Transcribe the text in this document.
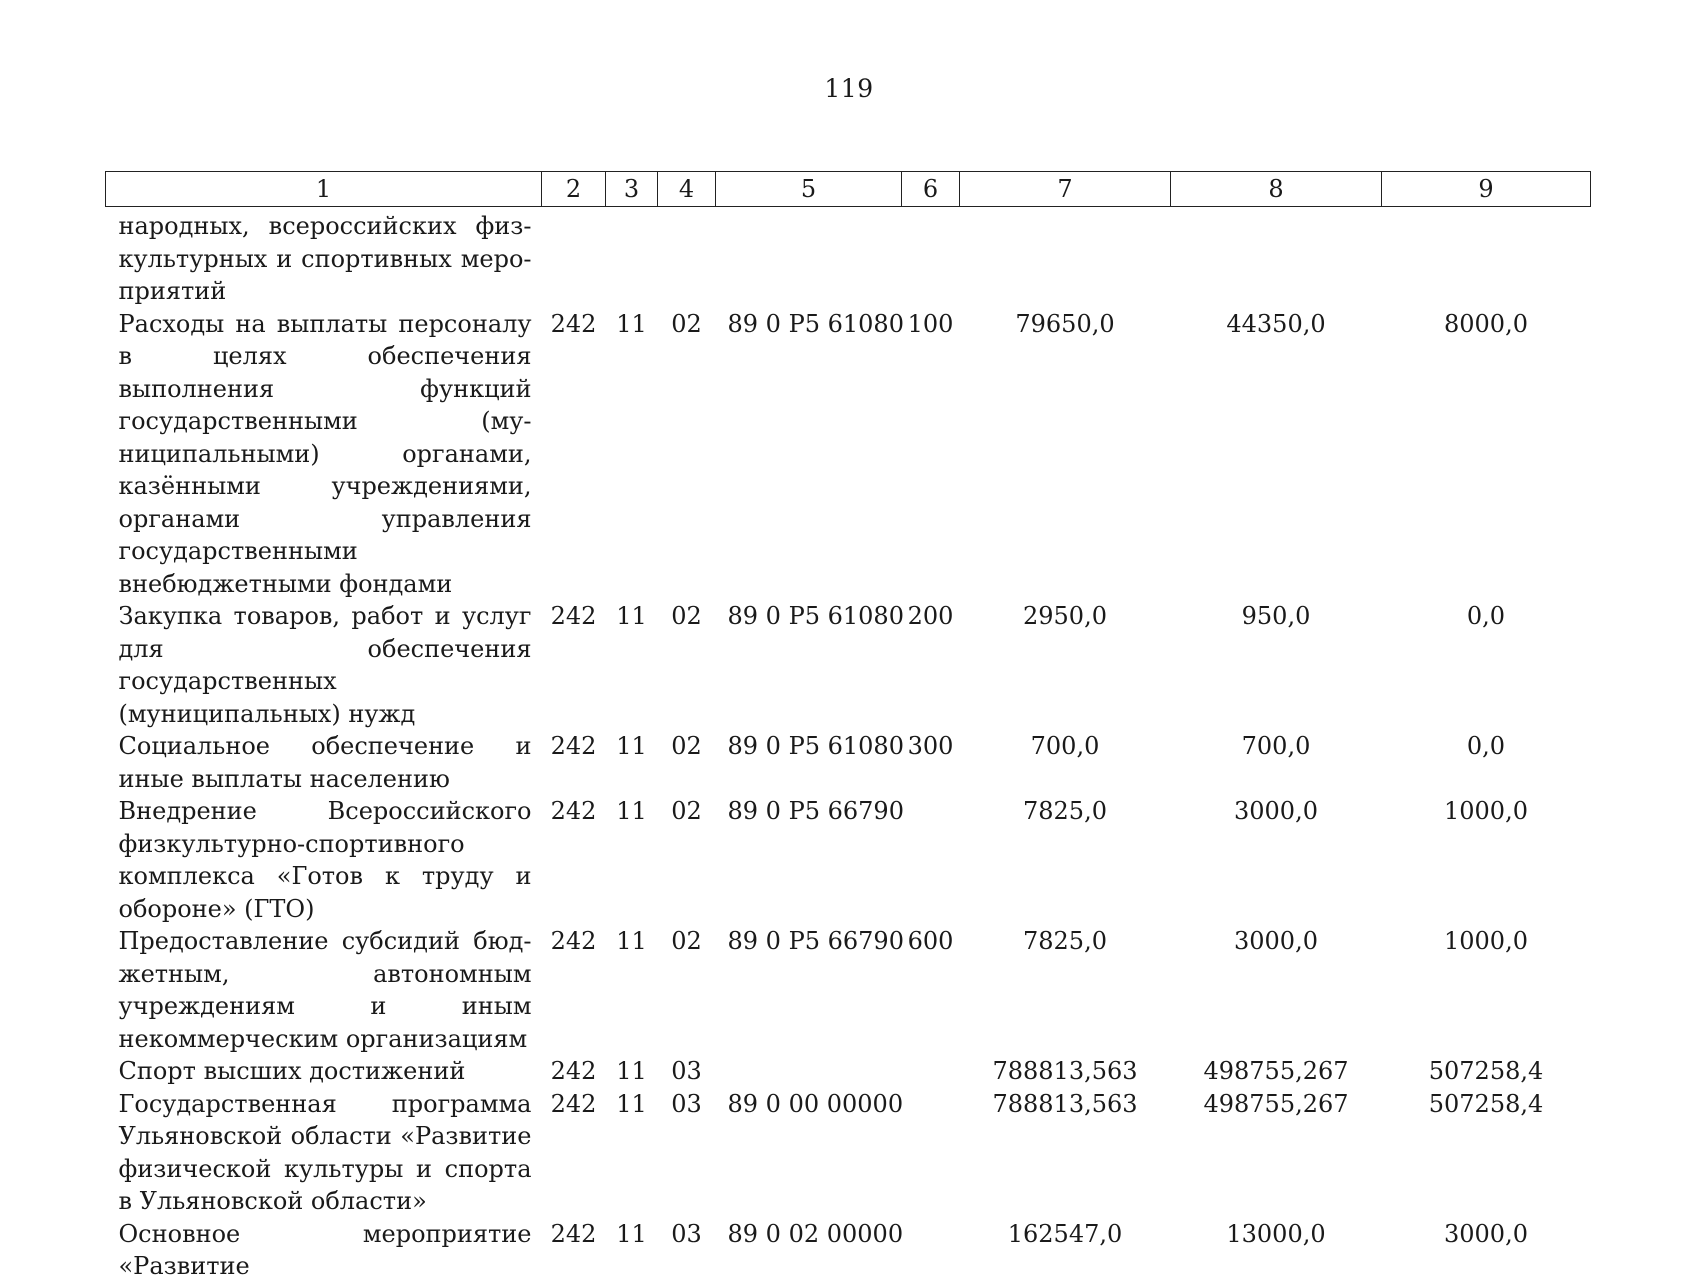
119
1	2	3	4	5	6	7	8	9
народных, всероссийских физкультурных и спортивных мероприятий								
Расходы на выплаты персоналу в целях обеспечения выполнения функций государственными (муниципальными) органами, казёнными учреждениями, органами управления государственными внебюджетными фондами	242	11	02	89 0 Р5 61080	100	79650,0	44350,0	8000,0
Закупка товаров, работ и услуг для обеспечения государственных (муниципальных) нужд	242	11	02	89 0 Р5 61080	200	2950,0	950,0	0,0
Социальное обеспечение и иные выплаты населению	242	11	02	89 0 Р5 61080	300	700,0	700,0	0,0
Внедрение Всероссийского физкультурно-спортивного комплекса «Готов к труду и обороне» (ГТО)	242	11	02	89 0 Р5 66790		7825,0	3000,0	1000,0
Предоставление субсидий бюджетным, автономным учреждениям и иным некоммерческим организациям	242	11	02	89 0 Р5 66790	600	7825,0	3000,0	1000,0
Спорт высших достижений	242	11	03			788813,563	498755,267	507258,4
Государственная программа Ульяновской области «Развитие физической культуры и спорта в Ульяновской области»	242	11	03	89 0 00 00000		788813,563	498755,267	507258,4
Основное мероприятие «Развитие	242	11	03	89 0 02 00000		162547,0	13000,0	3000,0
